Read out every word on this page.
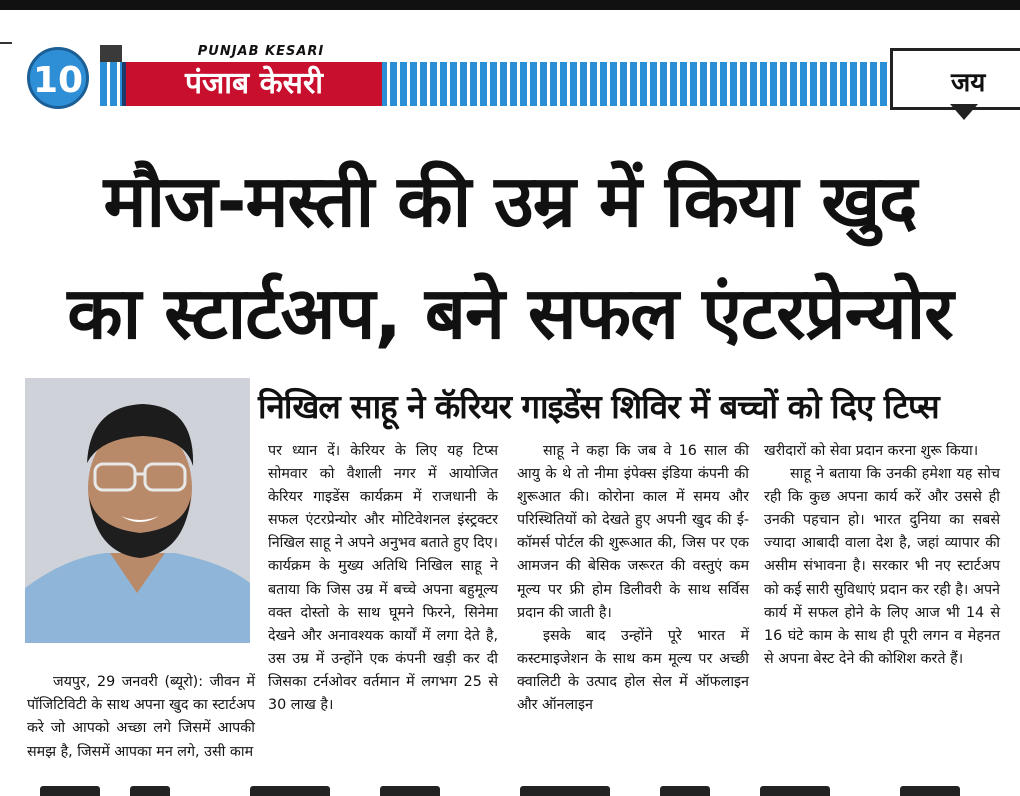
10
PUNJAB KESARI
पंजाब केसरी	जय
मौज-मस्ती की उम्र में किया खुद
का स्टार्टअप, बने सफल एंटरप्रेन्योर
निखिल साहू ने कॅरियर गाइडेंस शिविर में बच्चों को दिए टिप्स

जयपुर, 29 जनवरी (ब्यूरो): जीवन में पॉजिटिविटी के साथ अपना खुद का स्टार्टअप करे जो आपको अच्छा लगे जिसमें आपकी समझ है, जिसमें आपका मन लगे, उसी काम

पर ध्यान दें। केरियर के लिए यह टिप्स सोमवार को वैशाली नगर में आयोजित केरियर गाइडेंस कार्यक्रम में राजधानी के सफल एंटरप्रेन्योर और मोटिवेशनल इंस्ट्रक्टर निखिल साहू ने अपने अनुभव बताते हुए दिए। कार्यक्रम के मुख्य अतिथि निखिल साहू ने बताया कि जिस उम्र में बच्चे अपना बहुमूल्य वक्त दोस्तो के साथ घूमने फिरने, सिनेमा देखने और अनावश्यक कार्यों में लगा देते है, उस उम्र में उन्होंने एक कंपनी खड़ी कर दी जिसका टर्नओवर वर्तमान में लगभग 25 से 30 लाख है।

साहू ने कहा कि जब वे 16 साल की आयु के थे तो नीमा इंपेक्स इंडिया कंपनी की शुरूआत की। कोरोना काल में समय और परिस्थितियों को देखते हुए अपनी खुद की ई-कॉमर्स पोर्टल की शुरूआत की, जिस पर एक आमजन की बेसिक जरूरत की वस्तुएं कम मूल्य पर फ्री होम डिलीवरी के साथ सर्विस प्रदान की जाती है।

इसके बाद उन्होंने पूरे भारत में कस्टमाइजेशन के साथ कम मूल्य पर अच्छी क्वालिटी के उत्पाद होल सेल में ऑफलाइन और ऑनलाइन

खरीदारों को सेवा प्रदान करना शुरू किया।

साहू ने बताया कि उनकी हमेशा यह सोच रही कि कुछ अपना कार्य करें और उससे ही उनकी पहचान हो। भारत दुनिया का सबसे ज्यादा आबादी वाला देश है, जहां व्यापार की असीम संभावना है। सरकार भी नए स्टार्टअप को कई सारी सुविधाएं प्रदान कर रही है। अपने कार्य में सफल होने के लिए आज भी 14 से 16 घंटे काम के साथ ही पूरी लगन व मेहनत से अपना बेस्ट देने की कोशिश करते हैं।
